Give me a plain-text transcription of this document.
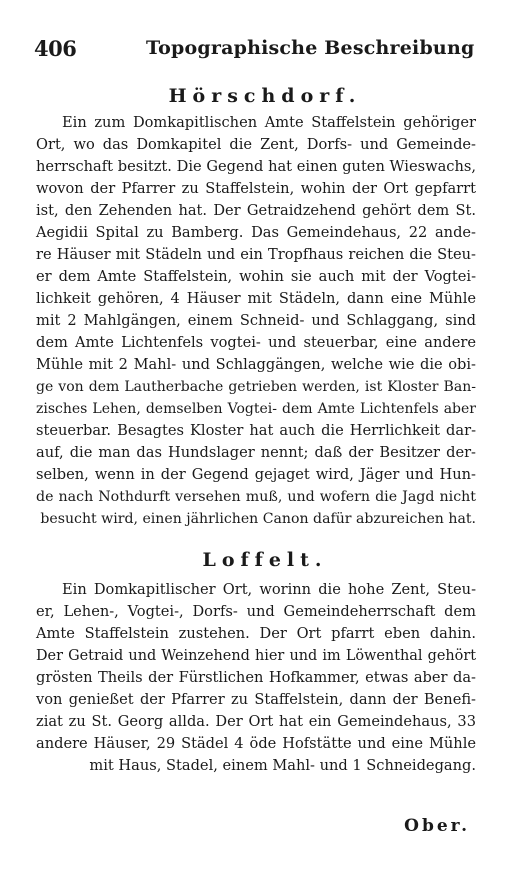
406	Topographische Beschreibung
Hörschdorf.
Ein zum Domkapitlischen Amte Staffelstein gehöriger
Ort, wo das Domkapitel die Zent, Dorfs- und Gemeinde-
herrschaft besitzt. Die Gegend hat einen guten Wieswachs,
wovon der Pfarrer zu Staffelstein, wohin der Ort gepfarrt
ist, den Zehenden hat. Der Getraidzehend gehört dem St.
Aegidii Spital zu Bamberg. Das Gemeindehaus, 22 ande-
re Häuser mit Städeln und ein Tropfhaus reichen die Steu-
er dem Amte Staffelstein, wohin sie auch mit der Vogtei-
lichkeit gehören, 4 Häuser mit Städeln, dann eine Mühle
mit 2 Mahlgängen, einem Schneid- und Schlaggang, sind
dem Amte Lichtenfels vogtei- und steuerbar, eine andere
Mühle mit 2 Mahl- und Schlaggängen, welche wie die obi-
ge von dem Lautherbache getrieben werden, ist Kloster Ban-
zisches Lehen, demselben Vogtei- dem Amte Lichtenfels aber
steuerbar. Besagtes Kloster hat auch die Herrlichkeit dar-
auf, die man das Hundslager nennt; daß der Besitzer der-
selben, wenn in der Gegend gejaget wird, Jäger und Hun-
de nach Nothdurft versehen muß, und wofern die Jagd nicht
besucht wird, einen jährlichen Canon dafür abzureichen hat.
Loffelt.
Ein Domkapitlischer Ort, worinn die hohe Zent, Steu-
er, Lehen-, Vogtei-, Dorfs- und Gemeindeherrschaft dem
Amte Staffelstein zustehen. Der Ort pfarrt eben dahin.
Der Getraid und Weinzehend hier und im Löwenthal gehört
grösten Theils der Fürstlichen Hofkammer, etwas aber da-
von genießet der Pfarrer zu Staffelstein, dann der Benefi-
ziat zu St. Georg allda. Der Ort hat ein Gemeindehaus, 33
andere Häuser, 29 Städel 4 öde Hofstätte und eine Mühle
mit Haus, Stadel, einem Mahl- und 1 Schneidegang.
Ober.
